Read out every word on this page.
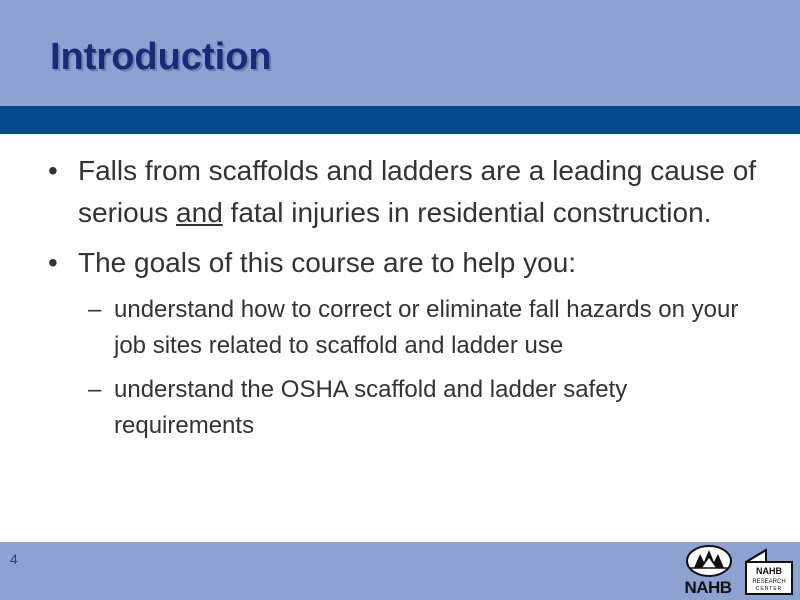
Introduction
• Falls from scaffolds and ladders are a leading cause of serious and fatal injuries in residential construction.
• The goals of this course are to help you:
– understand how to correct or eliminate fall hazards on your job sites related to scaffold and ladder use
– understand the OSHA scaffold and ladder safety requirements
4
NAHB
NAHB
RESEARCH
CENTER
